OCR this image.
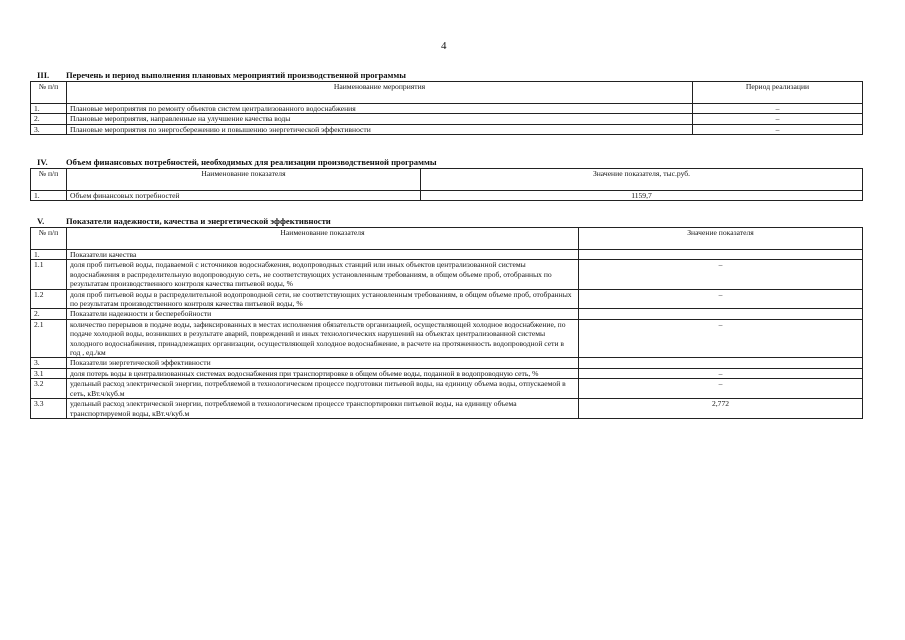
4
III. Перечень и период выполнения плановых мероприятий производственной программы
№ п/п	Наименование мероприятия	Период реализации
1.	Плановые мероприятия по ремонту объектов систем централизованного водоснабжения	–
2.	Плановые мероприятия, направленные на улучшение качества воды	–
3.	Плановые мероприятия по энергосбережению и повышению энергетической эффективности	–
IV. Объем финансовых потребностей, необходимых для реализации производственной программы
№ п/п	Наименование показателя	Значение показателя, тыс.руб.
1.	Объем финансовых потребностей	1159,7
V.	Показатели надежности, качества и энергетической эффективности
№ п/п	Наименование показателя	Значение показателя
1.	Показатели качества	
1.1	доля проб питьевой воды, подаваемой с источников водоснабжения, водопроводных станций или иных объектов централизованной системы водоснабжения в распределительную водопроводную сеть, не соответствующих установленным требованиям, в общем объеме проб, отобранных по результатам производственного контроля качества питьевой воды, %	–
1.2	доля проб питьевой воды в распределительной водопроводной сети, не соответствующих установленным требованиям, в общем объеме проб, отобранных по результатам производственного контроля качества питьевой воды, %	–
2.	Показатели надежности и бесперебойности	
2.1	количество перерывов в подаче воды, зафиксированных в местах исполнения обязательств организацией, осуществляющей холодное водоснабжение, по подаче холодной воды, возникших в результате аварий, повреждений и иных технологических нарушений на объектах централизованной системы холодного водоснабжения, принадлежащих организации, осуществляющей холодное водоснабжение, в расчете на протяженность водопроводной сети в год , ед./км	–
3.	Показатели энергетической эффективности	
3.1	доля потерь воды в централизованных системах водоснабжения при транспортировке в общем объеме воды, поданной в водопроводную сеть, %	–
3.2	удельный расход электрической энергии, потребляемой в технологическом процессе подготовки питьевой воды, на единицу объема воды, отпускаемой в сеть, кВт.ч/куб.м	–
3.3	удельный расход электрической энергии, потребляемой в технологическом процессе транспортировки питьевой воды, на единицу объема транспортируемой воды, кВт.ч/куб.м	2,772
